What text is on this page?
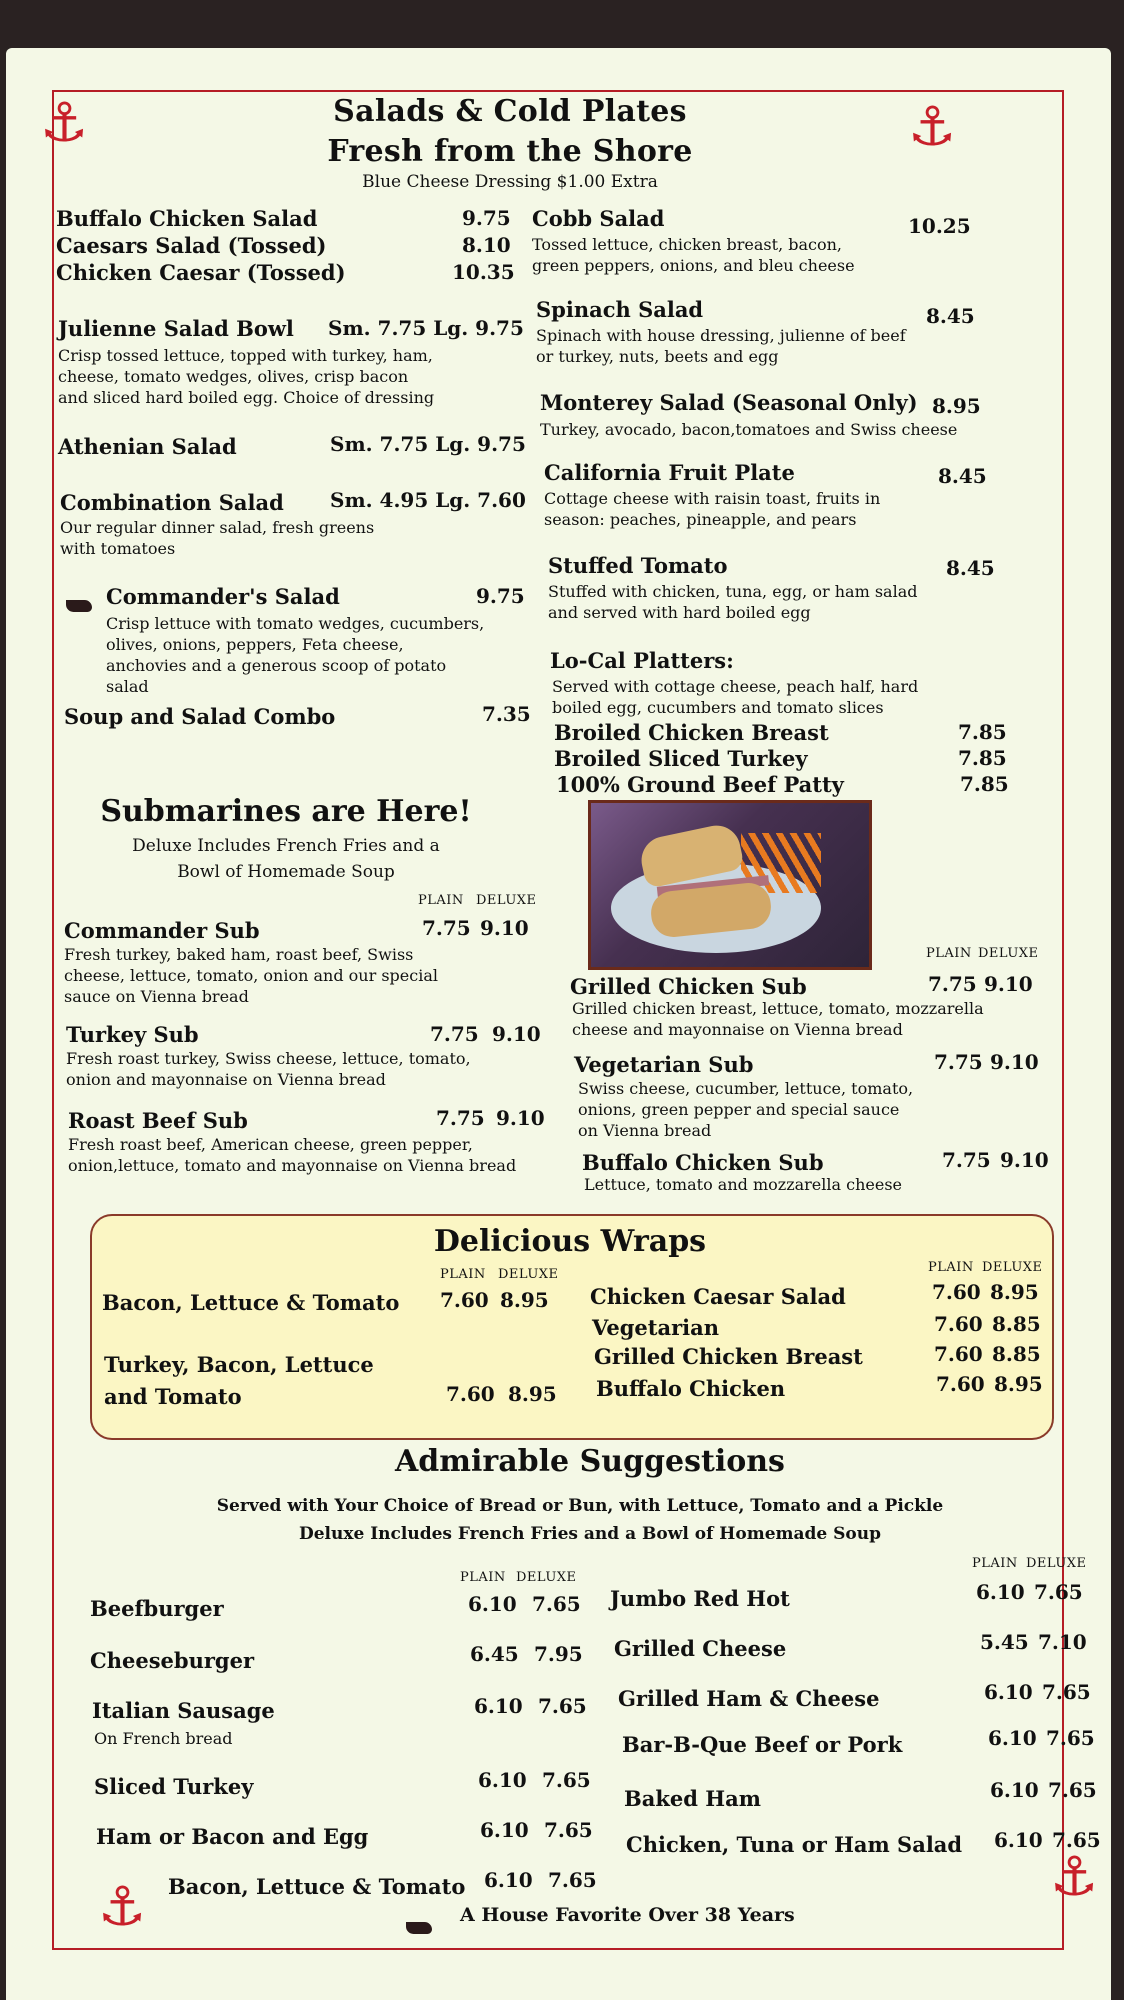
⚓	⚓
⚓	⚓
Salads & Cold Plates
Fresh from the Shore
Blue Cheese Dressing $1.00 Extra
Buffalo Chicken Salad	9.75
Caesars Salad (Tossed)	8.10
Chicken Caesar (Tossed)	10.35
Julienne Salad Bowl Sm. 7.75 Lg. 9.75
Crisp tossed lettuce, topped with turkey, ham, cheese, tomato wedges, olives, crisp bacon and sliced hard boiled egg. Choice of dressing
Athenian Salad	Sm. 7.75 Lg. 9.75
Combination Salad Sm. 4.95 Lg. 7.60
Our regular dinner salad, fresh greens with tomatoes
Commander's Salad	9.75
Crisp lettuce with tomato wedges, cucumbers, olives, onions, peppers, Feta cheese, anchovies and a generous scoop of potato salad
Soup and Salad Combo	7.35
Cobb Salad	10.25
Tossed lettuce, chicken breast, bacon, green peppers, onions, and bleu cheese
Spinach Salad	8.45
Spinach with house dressing, julienne of beef or turkey, nuts, beets and egg
Monterey Salad (Seasonal Only) 8.95
Turkey, avocado, bacon,tomatoes and Swiss cheese
California Fruit Plate	8.45
Cottage cheese with raisin toast, fruits in season: peaches, pineapple, and pears
Stuffed Tomato	8.45
Stuffed with chicken, tuna, egg, or ham salad and served with hard boiled egg
Lo-Cal Platters:
Served with cottage cheese, peach half, hard boiled egg, cucumbers and tomato slices
Broiled Chicken Breast	7.85
Broiled Sliced Turkey	7.85
100% Ground Beef Patty	7.85
Submarines are Here!
Deluxe Includes French Fries and a
Bowl of Homemade Soup
PLAIN DELUXE
Commander Sub	7.75 9.10
Fresh turkey, baked ham, roast beef, Swiss cheese, lettuce, tomato, onion and our special sauce on Vienna bread
Turkey Sub	7.75 9.10
Fresh roast turkey, Swiss cheese, lettuce, tomato, onion and mayonnaise on Vienna bread
Roast Beef Sub	7.75 9.10
Fresh roast beef, American cheese, green pepper, onion,lettuce, tomato and mayonnaise on Vienna bread
PLAIN DELUXE
Grilled Chicken Sub	7.75 9.10
Grilled chicken breast, lettuce, tomato, mozzarella cheese and mayonnaise on Vienna bread
Vegetarian Sub	7.75 9.10
Swiss cheese, cucumber, lettuce, tomato, onions, green pepper and special sauce on Vienna bread
Buffalo Chicken Sub	7.75 9.10
Lettuce, tomato and mozzarella cheese
Delicious Wraps
PLAIN DELUXE	PLAIN DELUXE
Bacon, Lettuce & Tomato 7.60 8.95
Turkey, Bacon, Lettuce
and Tomato	7.60 8.95
Chicken Caesar Salad	7.60 8.95
Vegetarian	7.60 8.85
Grilled Chicken Breast	7.60 8.85
Buffalo Chicken	7.60 8.95
Admirable Suggestions
Served with Your Choice of Bread or Bun, with Lettuce, Tomato and a Pickle
Deluxe Includes French Fries and a Bowl of Homemade Soup
PLAIN DELUXE
PLAIN DELUXE
Beefburger	6.10 7.65
Cheeseburger	6.45 7.95
Italian Sausage
On French bread
6.10 7.65
Sliced Turkey	6.10 7.65
Ham or Bacon and Egg	6.10 7.65
Bacon, Lettuce & Tomato 6.10 7.65
Jumbo Red Hot	6.10 7.65
Grilled Cheese	5.45 7.10
Grilled Ham & Cheese	6.10 7.65
Bar-B-Que Beef or Pork	6.10 7.65
Baked Ham	6.10 7.65
Chicken, Tuna or Ham Salad 6.10 7.65
A House Favorite Over 38 Years
